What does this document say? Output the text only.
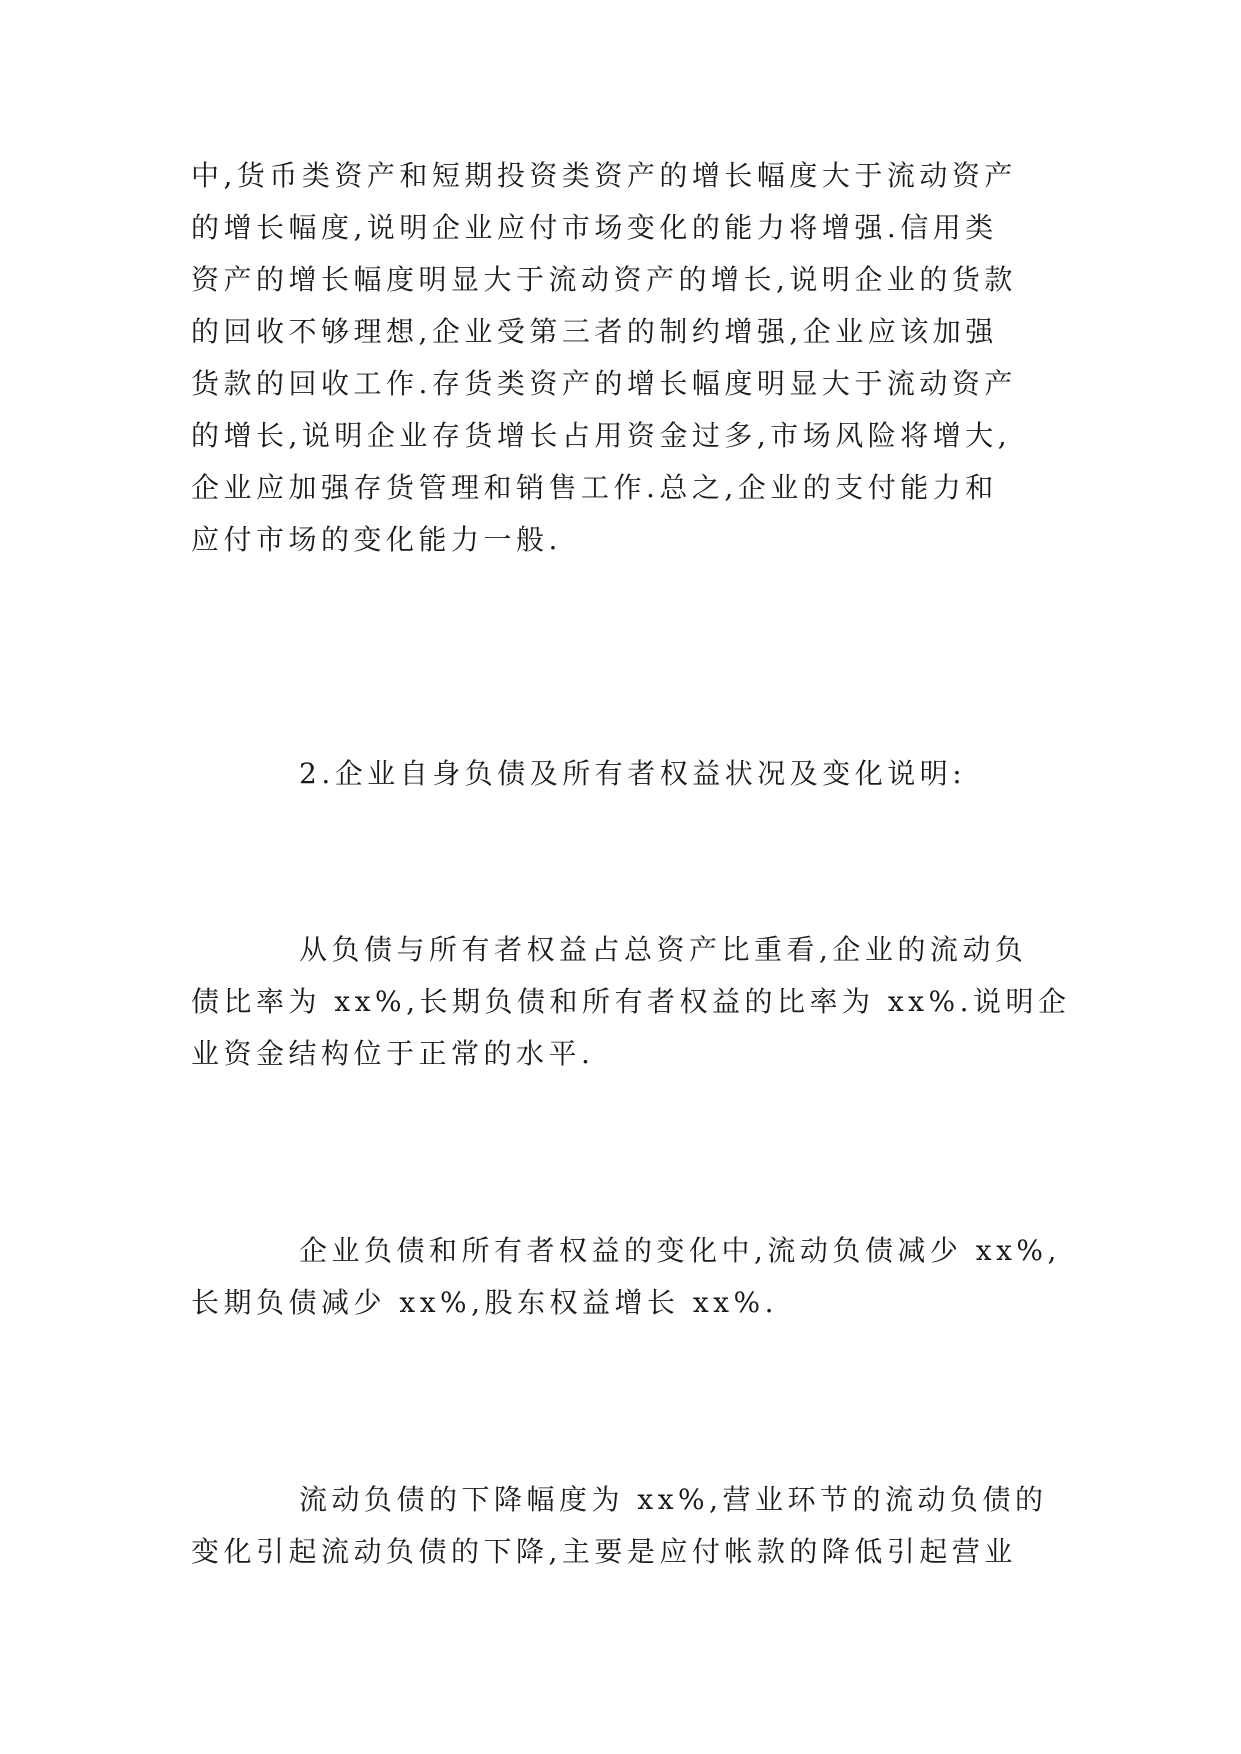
中,货币类资产和短期投资类资产的增长幅度大于流动资产
的增长幅度,说明企业应付市场变化的能力将增强.信用类
资产的增长幅度明显大于流动资产的增长,说明企业的货款
的回收不够理想,企业受第三者的制约增强,企业应该加强
货款的回收工作.存货类资产的增长幅度明显大于流动资产
的增长,说明企业存货增长占用资金过多,市场风险将增大,
企业应加强存货管理和销售工作.总之,企业的支付能力和
应付市场的变化能力一般.
2.企业自身负债及所有者权益状况及变化说明:
从负债与所有者权益占总资产比重看,企业的流动负
债比率为 xx%,长期负债和所有者权益的比率为 xx%.说明企
业资金结构位于正常的水平.
企业负债和所有者权益的变化中,流动负债减少 xx%,
长期负债减少 xx%,股东权益增长 xx%.
流动负债的下降幅度为 xx%,营业环节的流动负债的
变化引起流动负债的下降,主要是应付帐款的降低引起营业
